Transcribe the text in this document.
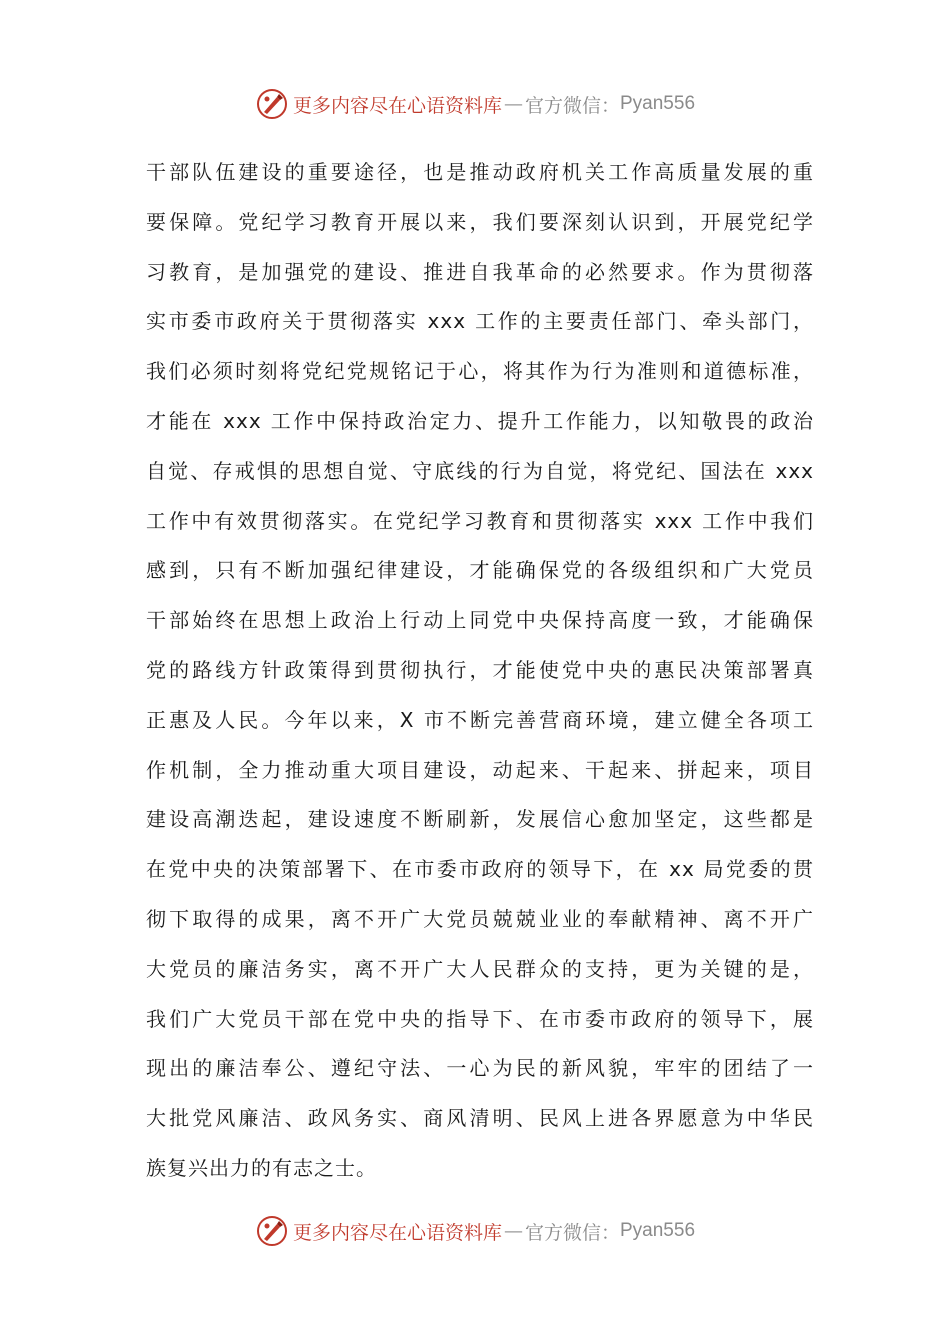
更多内容尽在心语资料库 — 官方微信： Pyan556
干部队伍建设的重要途径，也是推动政府机关工作高质量发展的重
要保障。党纪学习教育开展以来，我们要深刻认识到，开展党纪学
习教育，是加强党的建设、推进自我革命的必然要求。作为贯彻落
实市委市政府关于贯彻落实 xxx 工作的主要责任部门、牵头部门，
我们必须时刻将党纪党规铭记于心，将其作为行为准则和道德标准，
才能在 xxx 工作中保持政治定力、提升工作能力，以知敬畏的政治
自觉、存戒惧的思想自觉、守底线的行为自觉，将党纪、国法在 xxx
工作中有效贯彻落实。在党纪学习教育和贯彻落实 xxx 工作中我们
感到，只有不断加强纪律建设，才能确保党的各级组织和广大党员
干部始终在思想上政治上行动上同党中央保持高度一致，才能确保
党的路线方针政策得到贯彻执行，才能使党中央的惠民决策部署真
正惠及人民。今年以来，X 市不断完善营商环境，建立健全各项工
作机制，全力推动重大项目建设，动起来、干起来、拼起来，项目
建设高潮迭起，建设速度不断刷新，发展信心愈加坚定，这些都是
在党中央的决策部署下、在市委市政府的领导下，在 xx 局党委的贯
彻下取得的成果，离不开广大党员兢兢业业的奉献精神、离不开广
大党员的廉洁务实，离不开广大人民群众的支持，更为关键的是，
我们广大党员干部在党中央的指导下、在市委市政府的领导下，展
现出的廉洁奉公、遵纪守法、一心为民的新风貌，牢牢的团结了一
大批党风廉洁、政风务实、商风清明、民风上进各界愿意为中华民
族复兴出力的有志之士。
更多内容尽在心语资料库 — 官方微信： Pyan556
